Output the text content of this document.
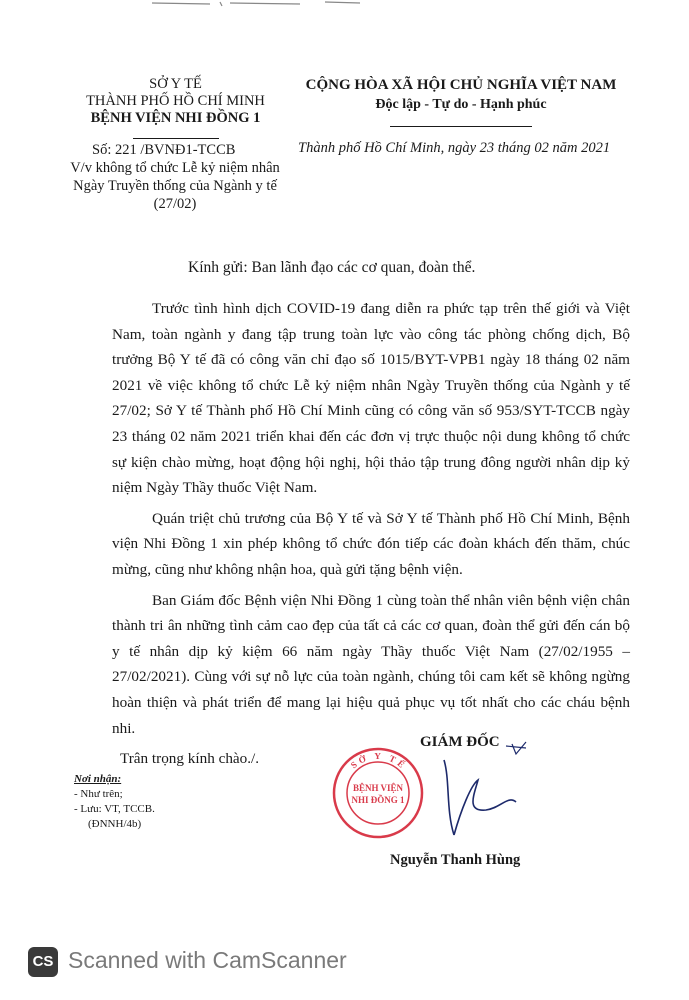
SỞ Y TẾ
THÀNH PHỐ HỒ CHÍ MINH
BỆNH VIỆN NHI ĐỒNG 1
CỘNG HÒA XÃ HỘI CHỦ NGHĨA VIỆT NAM
Độc lập - Tự do - Hạnh phúc
Số: 221 /BVNĐ1-TCCB
V/v không tổ chức Lễ kỷ niệm nhân Ngày Truyền thống của Ngành y tế (27/02)
Thành phố Hồ Chí Minh, ngày 23 tháng 02 năm 2021
Kính gửi: Ban lãnh đạo các cơ quan, đoàn thể.

Trước tình hình dịch COVID-19 đang diễn ra phức tạp trên thế giới và Việt Nam, toàn ngành y đang tập trung toàn lực vào công tác phòng chống dịch, Bộ trưởng Bộ Y tế đã có công văn chỉ đạo số 1015/BYT-VPB1 ngày 18 tháng 02 năm 2021 về việc không tổ chức Lễ kỷ niệm nhân Ngày Truyền thống của Ngành y tế 27/02; Sở Y tế Thành phố Hồ Chí Minh cũng có công văn số 953/SYT-TCCB ngày 23 tháng 02 năm 2021 triển khai đến các đơn vị trực thuộc nội dung không tổ chức sự kiện chào mừng, hoạt động hội nghị, hội thảo tập trung đông người nhân dịp kỷ niệm Ngày Thầy thuốc Việt Nam.

Quán triệt chủ trương của Bộ Y tế và Sở Y tế Thành phố Hồ Chí Minh, Bệnh viện Nhi Đồng 1 xin phép không tổ chức đón tiếp các đoàn khách đến thăm, chúc mừng, cũng như không nhận hoa, quà gửi tặng bệnh viện.

Ban Giám đốc Bệnh viện Nhi Đồng 1 cùng toàn thể nhân viên bệnh viện chân thành tri ân những tình cảm cao đẹp của tất cả các cơ quan, đoàn thể gửi đến cán bộ y tế nhân dịp kỷ kiệm 66 năm ngày Thầy thuốc Việt Nam (27/02/1955 – 27/02/2021). Cùng với sự nỗ lực của toàn ngành, chúng tôi cam kết sẽ không ngừng hoàn thiện và phát triển để mang lại hiệu quả phục vụ tốt nhất cho các cháu bệnh nhi.

Trân trọng kính chào./.

Nơi nhận:
- Như trên;
- Lưu: VT, TCCB.
(ĐNNH/4b)
GIÁM ĐỐC
SỞ Y TẾ
BỆNH VIỆN
NHI ĐỒNG 1
Nguyễn Thanh Hùng
CS Scanned with CamScanner
